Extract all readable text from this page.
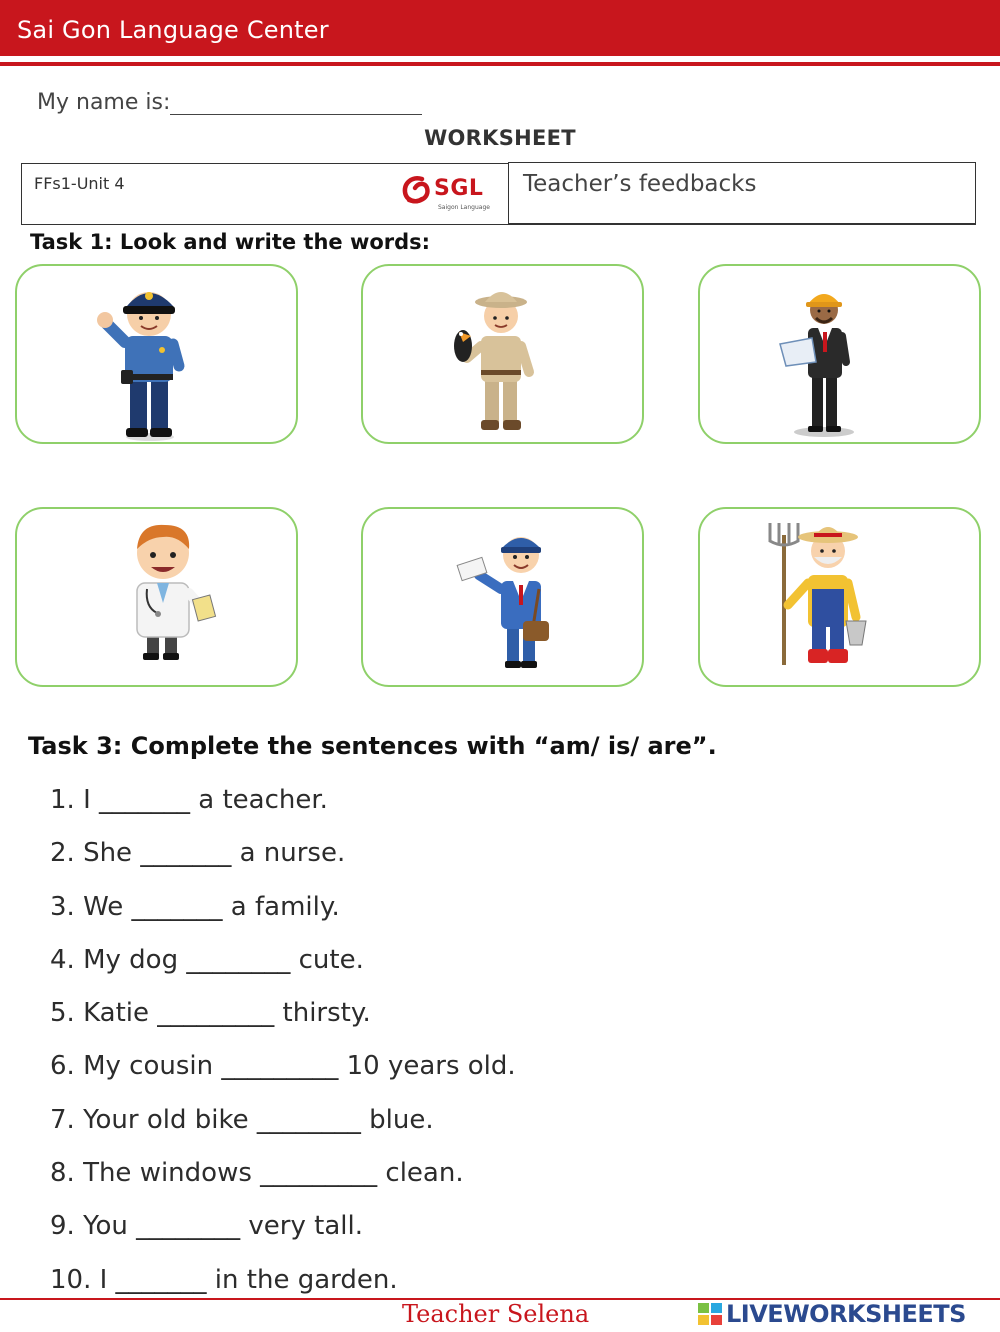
Sai Gon Language Center
My name is:
WORKSHEET
FFs1-Unit 4	SGL
Saigon Language
Teacher’s feedbacks
Task 1: Look and write the words:
Task 3: Complete the sentences with “am/ is/ are”.
1. I _______ a teacher.
2. She _______ a nurse.
3. We _______ a family.
4. My dog ________ cute.
5. Katie _________ thirsty.
6. My cousin _________ 10 years old.
7. Your old bike ________ blue.
8. The windows _________ clean.
9. You ________ very tall.
10. I _______ in the garden.
Teacher Selena	LIVEWORKSHEETS
